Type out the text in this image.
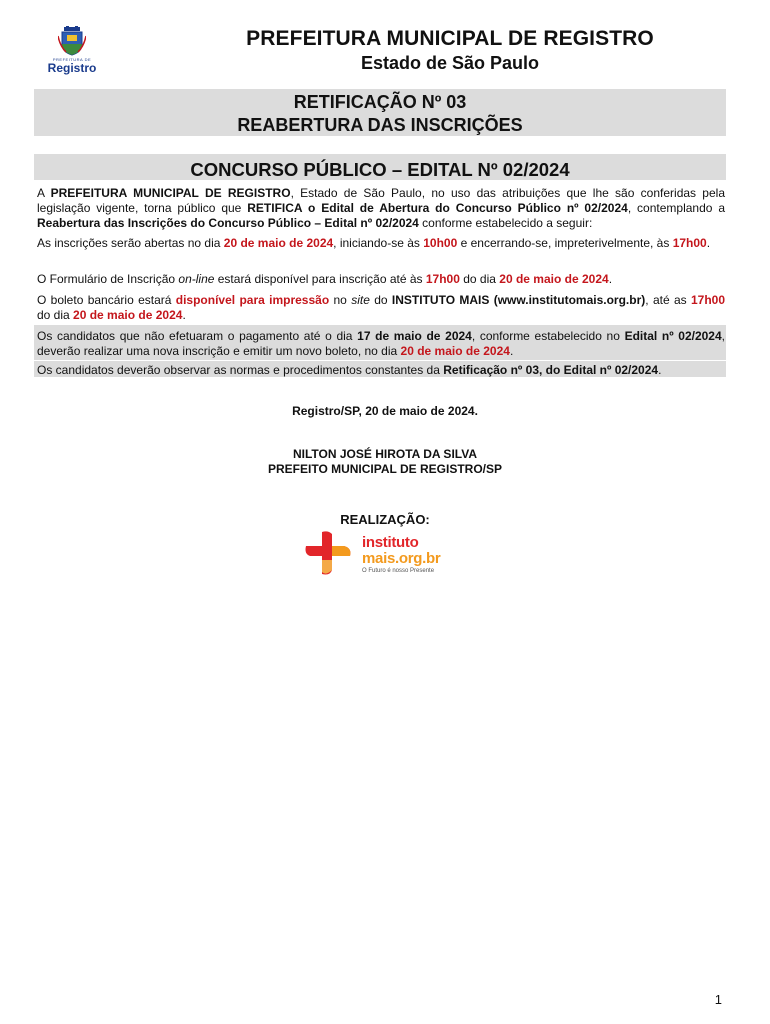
PREFEITURA DE
Registro
PREFEITURA MUNICIPAL DE REGISTRO
Estado de São Paulo
RETIFICAÇÃO Nº 03
REABERTURA DAS INSCRIÇÕES
CONCURSO PÚBLICO – EDITAL Nº 02/2024
A PREFEITURA MUNICIPAL DE REGISTRO, Estado de São Paulo, no uso das atribuições que lhe são conferidas pela legislação vigente, torna público que RETIFICA o Edital de Abertura do Concurso Público nº 02/2024, contemplando a Reabertura das Inscrições do Concurso Público – Edital nº 02/2024 conforme estabelecido a seguir:
As inscrições serão abertas no dia 20 de maio de 2024, iniciando-se às 10h00 e encerrando-se, impreterivelmente, às 17h00.
O Formulário de Inscrição on-line estará disponível para inscrição até às 17h00 do dia 20 de maio de 2024.
O boleto bancário estará disponível para impressão no site do INSTITUTO MAIS (www.institutomais.org.br), até as 17h00 do dia 20 de maio de 2024.
Os candidatos que não efetuaram o pagamento até o dia 17 de maio de 2024, conforme estabelecido no Edital nº 02/2024, deverão realizar uma nova inscrição e emitir um novo boleto, no dia 20 de maio de 2024.
Os candidatos deverão observar as normas e procedimentos constantes da Retificação nº 03, do Edital nº 02/2024.
Registro/SP, 20 de maio de 2024.
NILTON JOSÉ HIROTA DA SILVA
PREFEITO MUNICIPAL DE REGISTRO/SP
REALIZAÇÃO:
instituto
mais.org.br
O Futuro é nosso Presente
1
